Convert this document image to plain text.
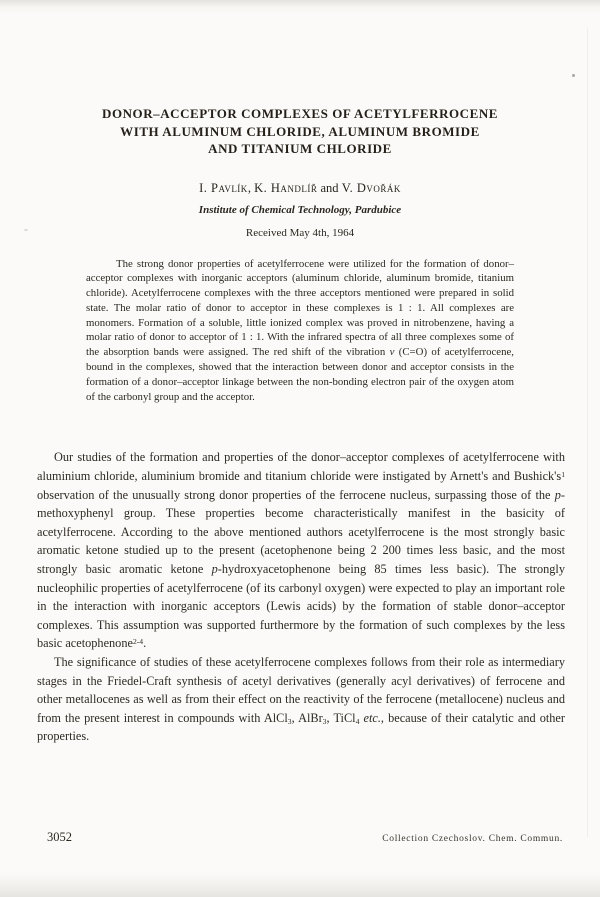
DONOR–ACCEPTOR COMPLEXES OF ACETYLFERROCENE
WITH ALUMINUM CHLORIDE, ALUMINUM BROMIDE
AND TITANIUM CHLORIDE

I. Pavlík, K. Handlíř and V. Dvořák

Institute of Chemical Technology, Pardubice

Received May 4th, 1964

The strong donor properties of acetylferrocene were utilized for the formation of donor–acceptor complexes with inorganic acceptors (aluminum chloride, aluminum bromide, titanium chloride). Acetylferrocene complexes with the three acceptors mentioned were prepared in solid state. The molar ratio of donor to acceptor in these complexes is 1 : 1. All complexes are monomers. Formation of a soluble, little ionized complex was proved in nitrobenzene, having a molar ratio of donor to acceptor of 1 : 1. With the infrared spectra of all three complexes some of the absorption bands were assigned. The red shift of the vibration ν (C=O) of acetylferrocene, bound in the complexes, showed that the interaction between donor and acceptor consists in the formation of a donor–acceptor linkage between the non-bonding electron pair of the oxygen atom of the carbonyl group and the acceptor.

Our studies of the formation and properties of the donor–acceptor complexes of acetylferrocene with aluminium chloride, aluminium bromide and titanium chloride were instigated by Arnett's and $Bushick's^1$ observation of the unusually strong donor properties of the ferrocene nucleus, surpassing those of the p-methoxyphenyl group. These properties become characteristically manifest in the basicity of acetylferrocene. According to the above mentioned authors acetylferrocene is the most strongly basic aromatic ketone studied up to the present (acetophenone being 2 200 times less basic, and the most strongly basic aromatic ketone p-hydroxyacetophenone being 85 times less basic). The strongly nucleophilic properties of acetylferrocene (of its carbonyl oxygen) were expected to play an important role in the interaction with inorganic acceptors (Lewis acids) by the formation of stable donor–acceptor complexes. This assumption was supported furthermore by the formation of such complexes by the less basic acetophenone$^{2-4}$.

The significance of studies of these acetylferrocene complexes follows from their role as intermediary stages in the Friedel-Craft synthesis of acetyl derivatives (generally acyl derivatives) of ferrocene and other metallocenes as well as from their effect on the reactivity of the ferrocene (metallocene) nucleus and from the present interest in compounds with AlCl3, AlBr3, TiCl4 etc., because of their catalytic and other properties.

3052	Collection Czechoslov. Chem. Commun.
